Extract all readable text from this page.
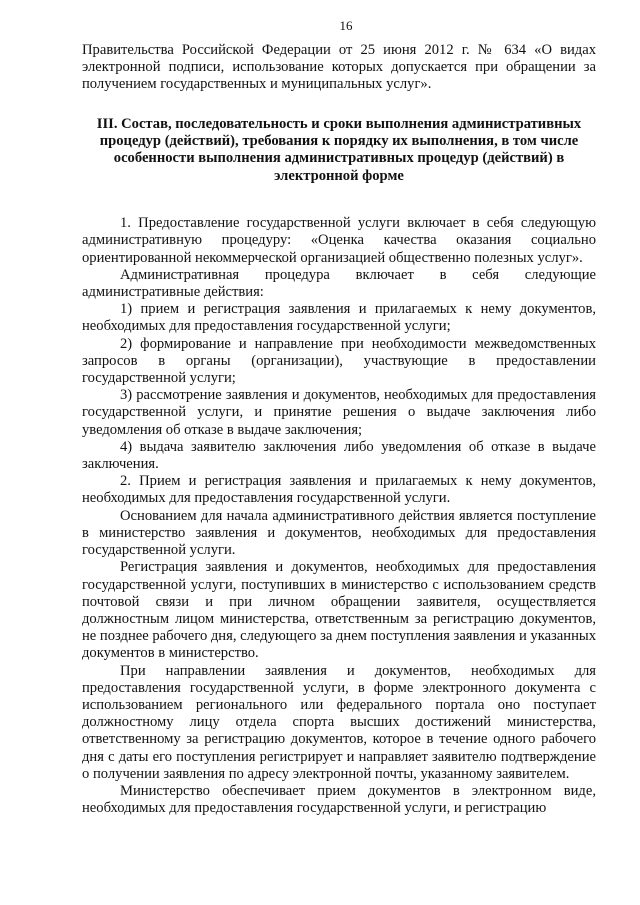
16

Правительства Российской Федерации от 25 июня 2012 г. № 634 «О видах электронной подписи, использование которых допускается при обращении за получением государственных и муниципальных услуг».

III. Состав, последовательность и сроки выполнения административных процедур (действий), требования к порядку их выполнения, в том числе особенности выполнения административных процедур (действий) в электронной форме

1. Предоставление государственной услуги включает в себя следующую административную процедуру: «Оценка качества оказания социально ориентированной некоммерческой организацией общественно полезных услуг».

Административная процедура включает в себя следующие административные действия:

1) прием и регистрация заявления и прилагаемых к нему документов, необходимых для предоставления государственной услуги;

2) формирование и направление при необходимости межведомственных запросов в органы (организации), участвующие в предоставлении государственной услуги;

3) рассмотрение заявления и документов, необходимых для предоставления государственной услуги, и принятие решения о выдаче заключения либо уведомления об отказе в выдаче заключения;

4) выдача заявителю заключения либо уведомления об отказе в выдаче заключения.

2. Прием и регистрация заявления и прилагаемых к нему документов, необходимых для предоставления государственной услуги.

Основанием для начала административного действия является поступление в министерство заявления и документов, необходимых для предоставления государственной услуги.

Регистрация заявления и документов, необходимых для предоставления государственной услуги, поступивших в министерство с использованием средств почтовой связи и при личном обращении заявителя, осуществляется должностным лицом министерства, ответственным за регистрацию документов, не позднее рабочего дня, следующего за днем поступления заявления и указанных документов в министерство.

При направлении заявления и документов, необходимых для предоставления государственной услуги, в форме электронного документа с использованием регионального или федерального портала оно поступает должностному лицу отдела спорта высших достижений министерства, ответственному за регистрацию документов, которое в течение одного рабочего дня с даты его поступления регистрирует и направляет заявителю подтверждение о получении заявления по адресу электронной почты, указанному заявителем.

Министерство обеспечивает прием документов в электронном виде, необходимых для предоставления государственной услуги, и регистрацию
